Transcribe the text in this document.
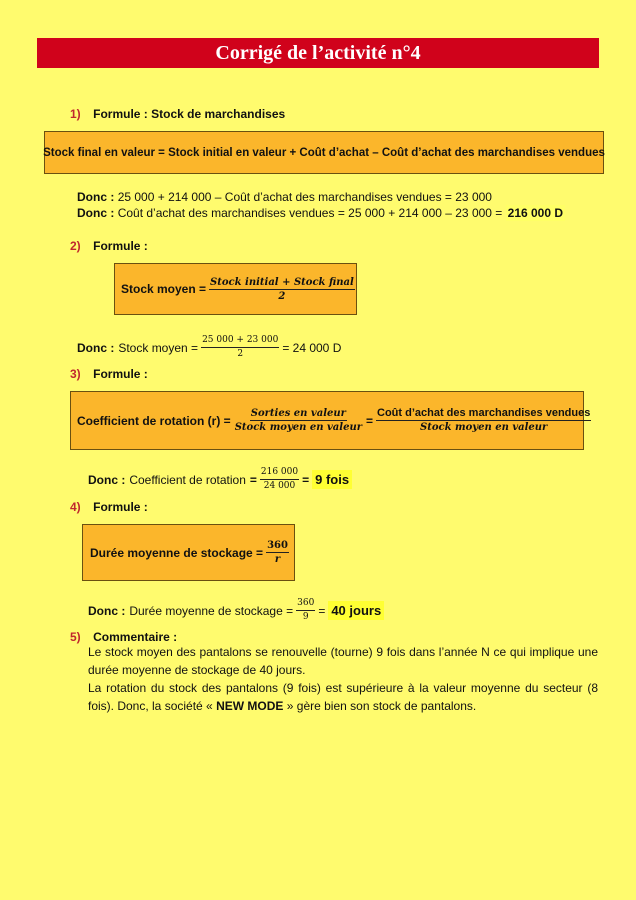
Corrigé de l’activité n°4
1) Formule : Stock de marchandises
Stock final en valeur = Stock initial en valeur + Coût d’achat – Coût d’achat des marchandises vendues
Donc : 25 000 + 214 000 – Coût d’achat des marchandises vendues = 23 000
Donc : Coût d’achat des marchandises vendues = 25 000 + 214 000 – 23 000 = 216 000 D
2) Formule :
Stock moyen = $\frac{\text{Stock initial + Stock final}}{2}$
Donc : Stock moyen = $\frac{25 000 + 23 000}{2} = 24$ 000 D
3) Formule :
Coefficient de rotation $(r) = \frac{\text{Sorties en valeur}}{\text{Stock moyen en valeur}} = \frac{\text{Coût d’achat des marchandises vendues}}{\text{Stock moyen en valeur}}$
Donc : Coefficient de rotation = $\frac{216 000}{24 000} = 9$ fois
4) Formule :
Durée moyenne de stockage = $\frac{360}{r}$
Donc : Durée moyenne de stockage = $\frac{360}{9} = 40$ jours
5) Commentaire :
Le stock moyen des pantalons se renouvelle (tourne) 9 fois dans l’année N ce qui implique une durée moyenne de stockage de 40 jours.
La rotation du stock des pantalons (9 fois) est supérieure à la valeur moyenne du secteur (8 fois). Donc, la société « NEW MODE » gère bien son stock de pantalons.
